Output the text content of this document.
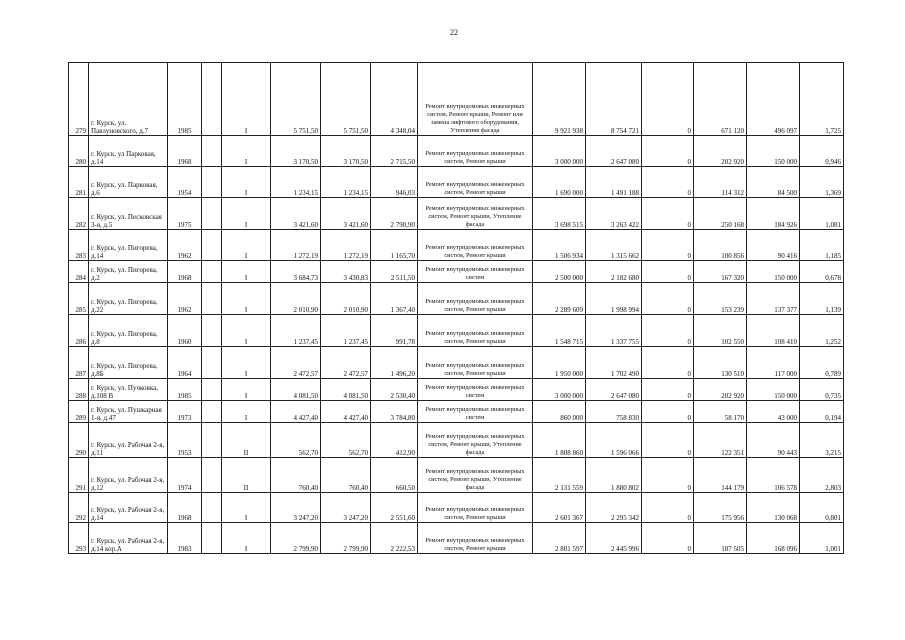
22
279	г. Курск, ул. Павлуновского, д.7	1985		I	5 751,50	5 751,50	4 348,04	Ремонт внутридомовых инженерных систем, Ремонт крыши, Ремонт или замена лифтового оборудования, Утепление фасада	9 921 938	8 754 721	0	671 120	496 097	1,725
280	г. Курск, ул Парковая, д.14	1968		I	3 170,50	3 170,50	2 715,50	Ремонт внутридомовых инженерных систем, Ремонт крыши	3 000 000	2 647 080	0	202 920	150 000	0,946
281	г. Курск, ул. Парковая, д.6	1954		I	1 234,15	1 234,15	946,03	Ремонт внутридомовых инженерных систем, Ремонт крыши	1 690 000	1 491 188	0	114 312	84 500	1,369
282	г. Курск, ул. Песковская 3-я, д.5	1975		I	3 421,60	3 421,60	2 790,90	Ремонт внутридомовых инженерных систем, Ремонт крыши, Утепление фасада	3 698 515	3 263 422	0	250 168	184 926	1,081
283	г. Курск, ул. Пигорева, д.14	1962		I	1 272,19	1 272,19	1 165,70	Ремонт внутридомовых инженерных систем, Ремонт крыши	1 506 934	1 315 662	0	100 856	90 416	1,185
284	г. Курск, ул. Пигорева, д.2	1968		I	3 684,73	3 430,83	2 511,50	Ремонт внутридомовых инженерных систем	2 500 000	2 182 680	0	167 320	150 000	0,678
285	г. Курск, ул. Пигорева, д.22	1962		I	2 010,90	2 010,90	1 367,40	Ремонт внутридомовых инженерных систем, Ремонт крыши	2 289 609	1 998 994	0	153 239	137 377	1,139
286	г. Курск, ул. Пигорева, д.8	1960		I	1 237,45	1 237,45	991,78	Ремонт внутридомовых инженерных систем, Ремонт крыши	1 548 715	1 337 755	0	102 550	108 410	1,252
287	г. Курск, ул. Пигорева, д.8Б	1964		I	2 472,57	2 472,57	1 496,20	Ремонт внутридомовых инженерных систем, Ремонт крыши	1 950 000	1 702 490	0	130 510	117 000	0,789
288	г. Курск, ул. Пучковка, д.108 В	1985		I	4 081,50	4 081,50	2 530,40	Ремонт внутридомовых инженерных систем	3 000 000	2 647 080	0	202 920	150 000	0,735
289	г. Курск, ул. Пушкарная 1-я, д.47	1973		I	4 427,40	4 427,40	3 784,80	Ремонт внутридомовых инженерных систем	860 000	758 830	0	58 170	43 000	0,194
290	г. Курск, ул. Рабочая 2-я, д.11	1953		II	562,70	562,70	412,90	Ремонт внутридомовых инженерных систем, Ремонт крыши, Утепление фасада	1 808 860	1 596 066	0	122 351	90 443	3,215
291	г. Курск, ул. Рабочая 2-я, д.12	1974		II	760,40	760,40	660,50	Ремонт внутридомовых инженерных систем, Ремонт крыши, Утепление фасада	2 131 559	1 880 802	0	144 179	106 578	2,803
292	г. Курск, ул. Рабочая 2-я, д.14	1968		I	3 247,20	3 247,20	2 551,60	Ремонт внутридомовых инженерных систем, Ремонт крыши	2 601 367	2 295 342	0	175 956	130 068	0,801
293	г. Курск, ул. Рабочая 2-я, д.14 кор.А	1983		I	2 799,90	2 799,90	2 222,53	Ремонт внутридомовых инженерных систем, Ремонт крыши	2 801 597	2 445 996	0	187 505	168 096	1,001
